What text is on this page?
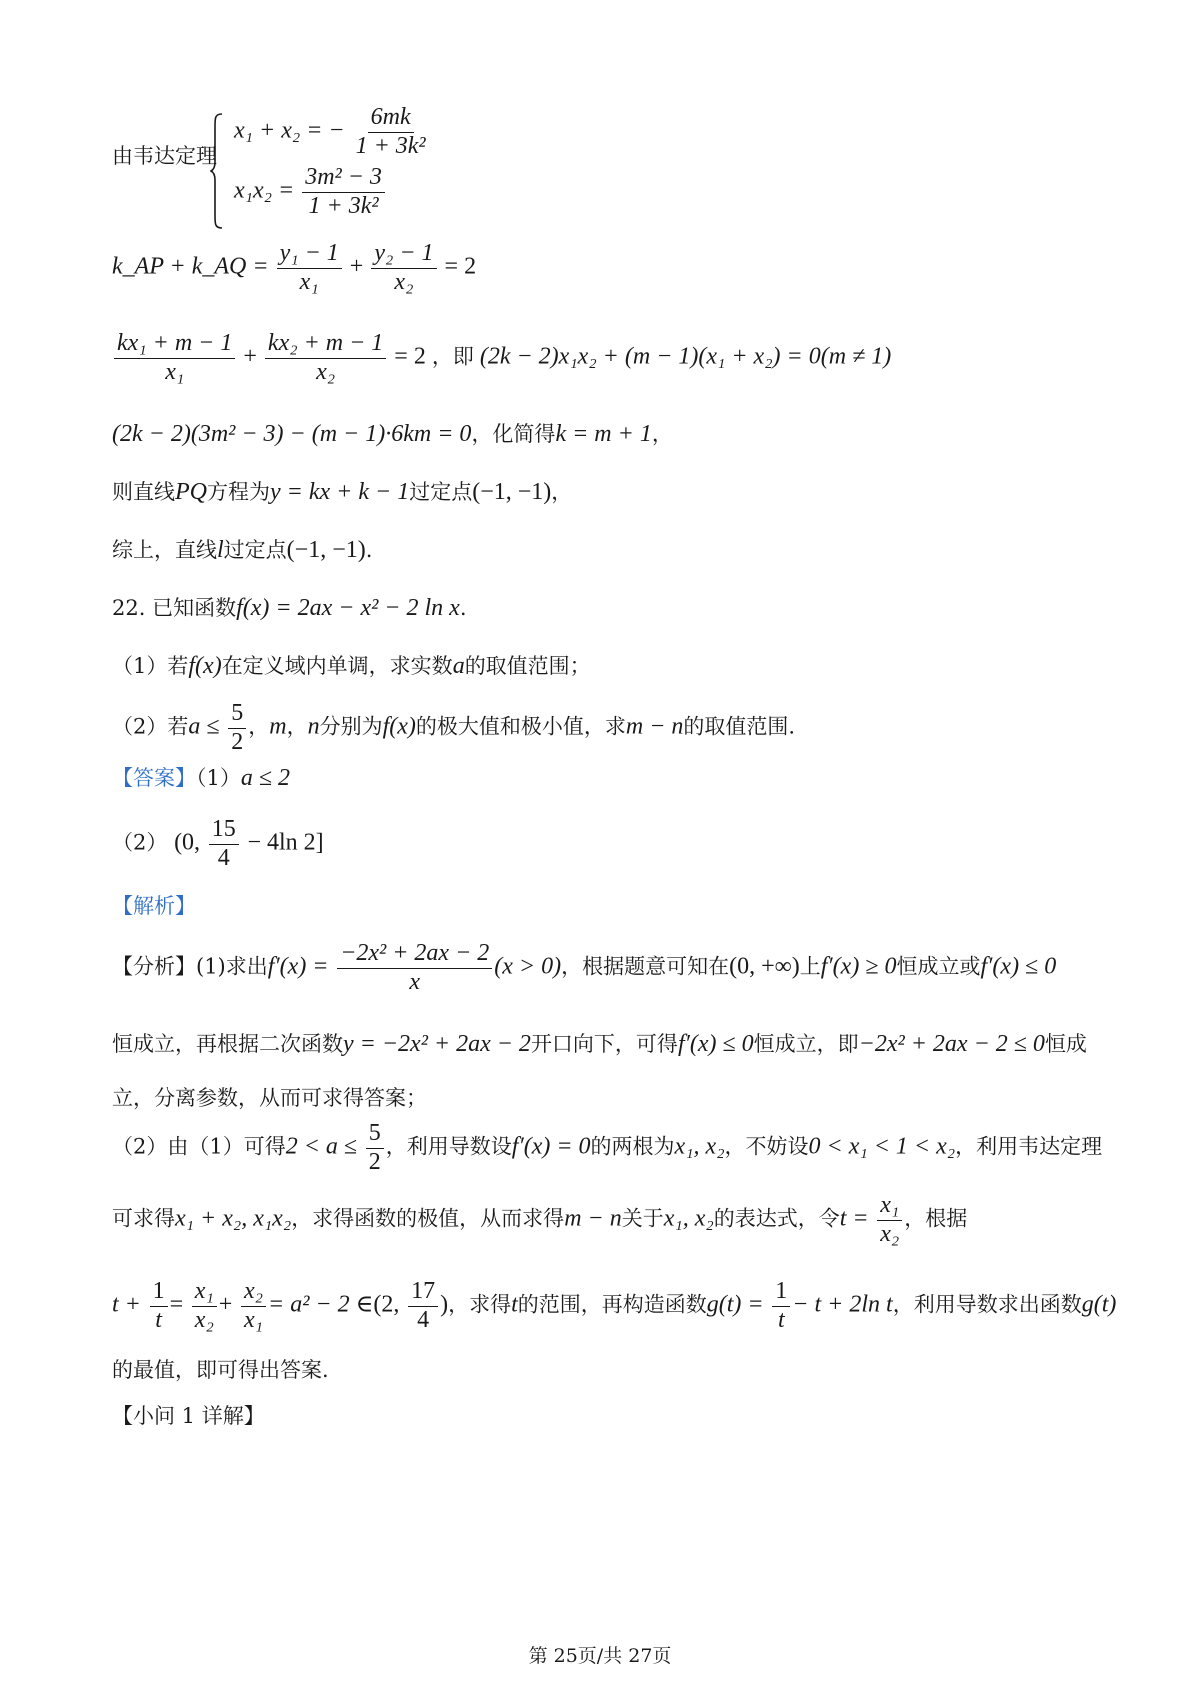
由韦达定理
x₁ + x₂ = − $\frac{6mk}{\text{1 + 3k²}}$
$x_1x_2 = \frac{\text{3m² − 3}}{\text{1 + 3k²}}$
k_AP + k_AQ = $\frac{\text{y₁ − 1}}{\text{x₁}} + \frac{\text{y₂ − 1}}{\text{x₂}} = 2$
$\frac{\text{kx₁ + m − 1}}{\text{x₁}} + \frac{\text{kx₂ + m − 1}}{\text{x₂}} = 2$ ，即 (2k − 2)x₁x₂ + (m − 1)(x₁ + x₂) = 0(m ≠ 1)
(2k − 2)(3m² − 3) − (m − 1)·6km = 0，化简得k = m + 1，
则直线PQ方程为y = kx + k − 1过定点(−1, −1)，
综上，直线l过定点(−1, −1).
22. 已知函数f(x) = 2ax − x² − 2 ln x.
（1）若f(x)在定义域内单调，求实数a的取值范围；
（2）若$a \le \frac{5}{2}$ ，m，n分别为f(x)的极大值和极小值，求m − n的取值范围.
【答案】（1）a ≤ 2
（2） (0, $\frac{15}{4} - 4\ln$ 2]
【解析】
【分析】(1)求出$f'(x) = \frac{\text{−2x² + 2ax − 2}}{x} (x > 0)$，根据题意可知在(0, +∞)上f′(x) ≥ 0恒成立或f′(x) ≤ 0
恒成立，再根据二次函数y = −2x² + 2ax − 2开口向下，可得f′(x) ≤ 0恒成立，即−2x² + 2ax − 2 ≤ 0恒成
立，分离参数，从而可求得答案；
（2）由（1）可得$2 < a \le \frac{5}{2}$ ，利用导数设f′(x) = 0的两根为x₁, x₂，不妨设0 < x₁ < 1 < x₂，利用韦达定理
可求得x₁ + x₂, x₁x₂，求得函数的极值，从而求得m − n关于x₁, x₂的表达式，令$t = \frac{\text{x₁}}{\text{x₂}}$ ，根据
$t + \frac{1}{t} = \frac{\text{x₁}}{\text{x₂}} + \frac{\text{x₂}}{\text{x₁}} = a^2 - 2$ ∈(2, $\frac{17}{4}$ )，求得t的范围，再构造函数$g(t) = \frac{1}{t} - t + 2\ln$ t，利用导数求出函数g(t)
的最值，即可得出答案.
【小问 1 详解】
第 25页/共 27页
